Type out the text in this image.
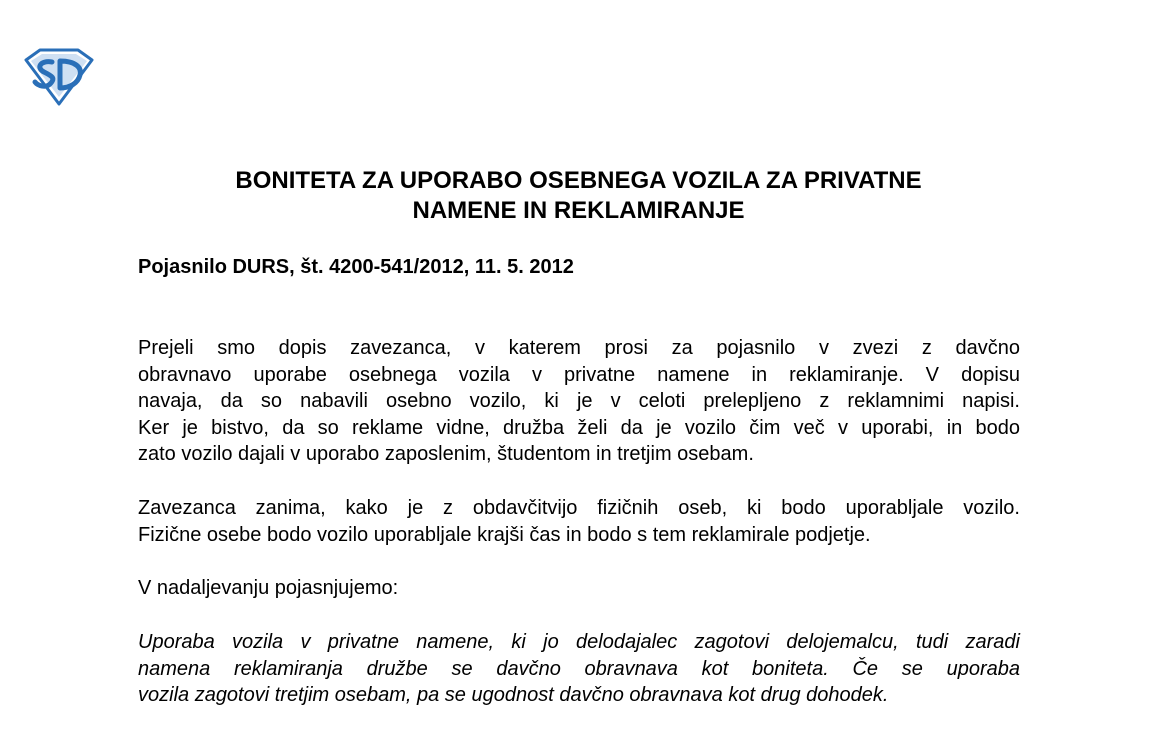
BONITETA ZA UPORABO OSEBNEGA VOZILA ZA PRIVATNE
NAMENE IN REKLAMIRANJE

Pojasnilo DURS, št. 4200-541/2012, 11. 5. 2012

Prejeli smo dopis zavezanca, v katerem prosi za pojasnilo v zvezi z davčno
obravnavo uporabe osebnega vozila v privatne namene in reklamiranje. V dopisu
navaja, da so nabavili osebno vozilo, ki je v celoti prelepljeno z reklamnimi napisi.
Ker je bistvo, da so reklame vidne, družba želi da je vozilo čim več v uporabi, in bodo
zato vozilo dajali v uporabo zaposlenim, študentom in tretjim osebam.

Zavezanca zanima, kako je z obdavčitvijo fizičnih oseb, ki bodo uporabljale vozilo.
Fizične osebe bodo vozilo uporabljale krajši čas in bodo s tem reklamirale podjetje.

V nadaljevanju pojasnjujemo:

Uporaba vozila v privatne namene, ki jo delodajalec zagotovi delojemalcu, tudi zaradi
namena reklamiranja družbe se davčno obravnava kot boniteta. Če se uporaba
vozila zagotovi tretjim osebam, pa se ugodnost davčno obravnava kot drug dohodek.
